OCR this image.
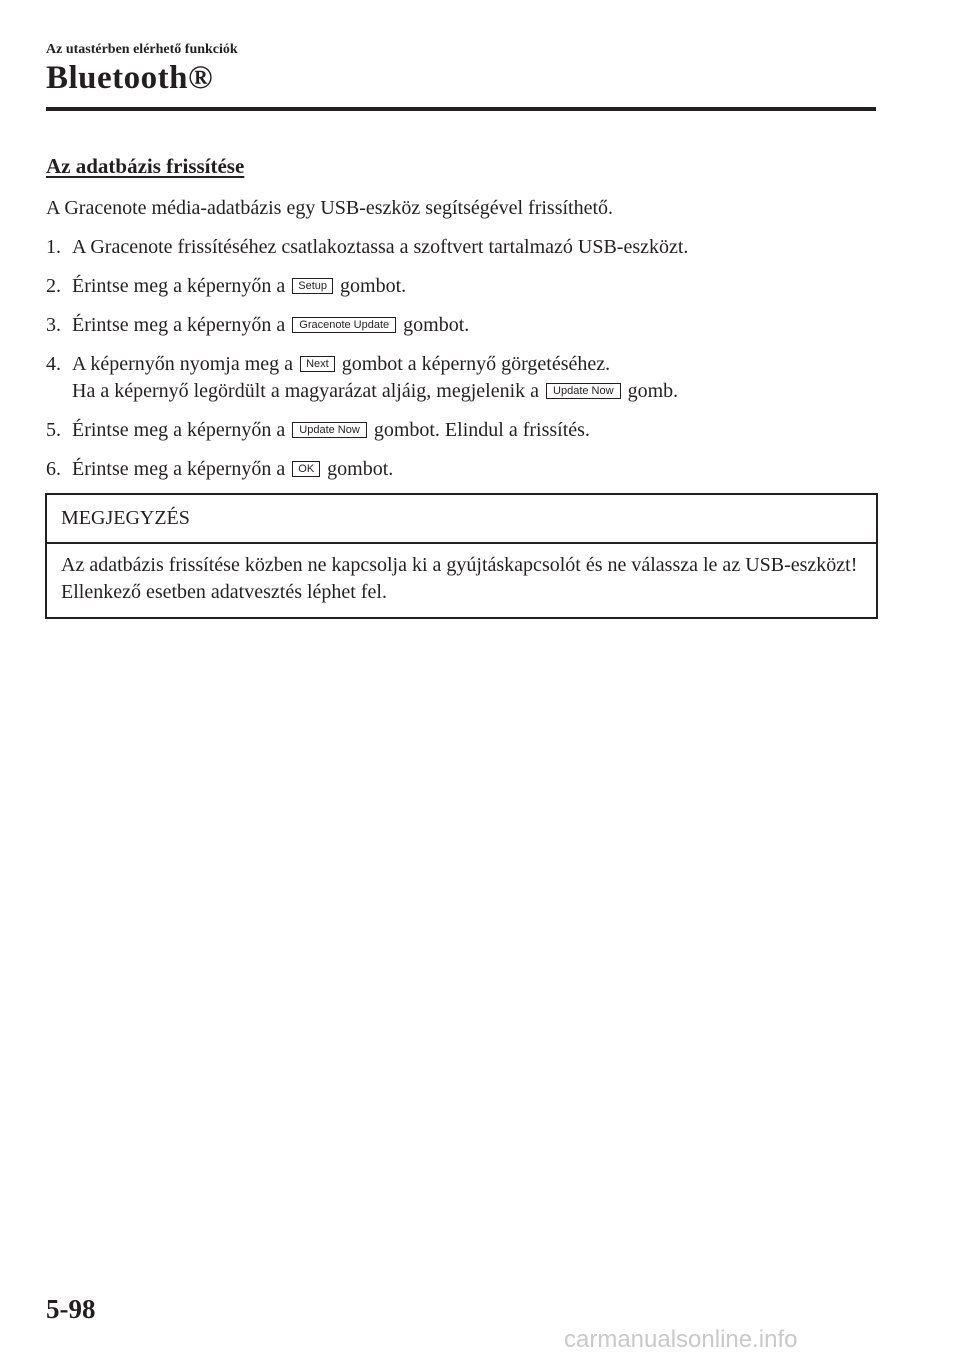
Az utastérben elérhető funkciók
Bluetooth®
Az adatbázis frissítése
A Gracenote média-adatbázis egy USB-eszköz segítségével frissíthető.
1. A Gracenote frissítéséhez csatlakoztassa a szoftvert tartalmazó USB-eszközt.
2. Érintse meg a képernyőn a Setup gombot.
3. Érintse meg a képernyőn a Gracenote Update gombot.
4. A képernyőn nyomja meg a Next gombot a képernyő görgetéséhez.
Ha a képernyő legördült a magyarázat aljáig, megjelenik a Update Now gomb.
5. Érintse meg a képernyőn a Update Now gombot. Elindul a frissítés.
6. Érintse meg a képernyőn a OK gombot.
MEGJEGYZÉS
Az adatbázis frissítése közben ne kapcsolja ki a gyújtáskapcsolót és ne válassza le az USB-eszközt! Ellenkező esetben adatvesztés léphet fel.
5-98
carmanualsonline.info
